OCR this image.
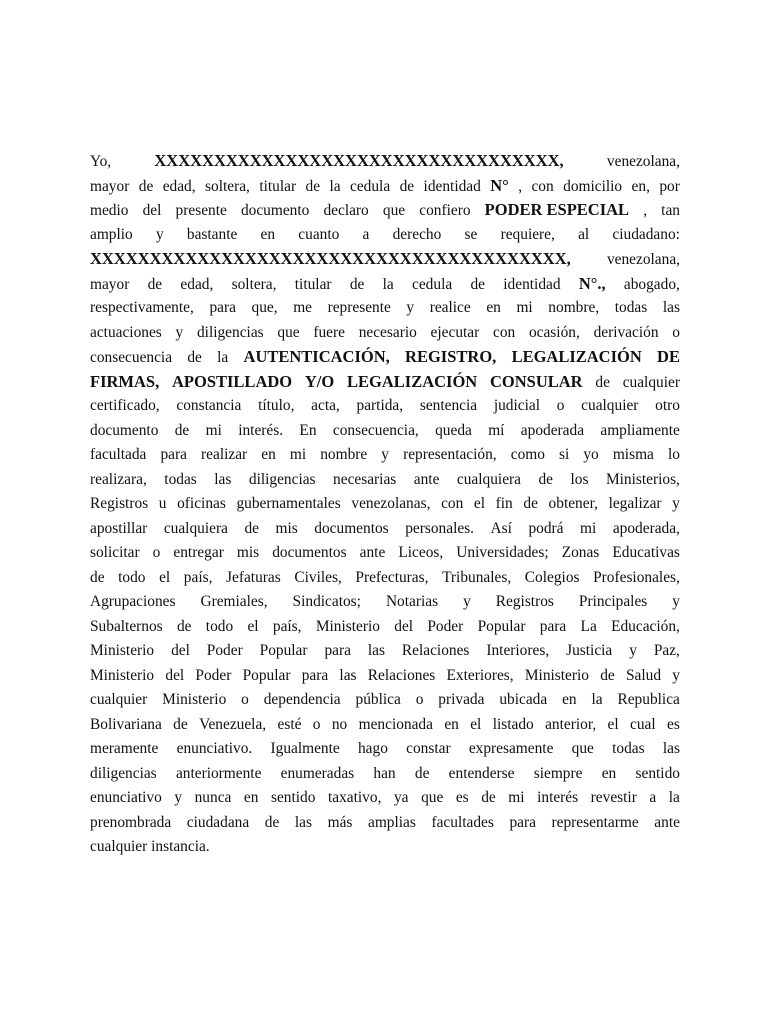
Yo,	XXXXXXXXXXXXXXXXXXXXXXXXXXXXXXXXXX,	venezolana,
mayor de edad, soltera, titular de la cedula de identidad N° , con domicilio en, por
medio del presente documento declaro que confiero PODER ESPECIAL , tan
amplio y bastante en cuanto a derecho se requiere, al ciudadano:
XXXXXXXXXXXXXXXXXXXXXXXXXXXXXXXXXXXXXXXX, venezolana,
mayor de edad, soltera, titular de la cedula de identidad N°., abogado,
respectivamente, para que, me represente y realice en mi nombre, todas las
actuaciones y diligencias que fuere necesario ejecutar con ocasión, derivación o
consecuencia de la AUTENTICACIÓN, REGISTRO, LEGALIZACIÓN DE
FIRMAS, APOSTILLADO Y/O LEGALIZACIÓN CONSULAR de cualquier
certificado, constancia título, acta, partida, sentencia judicial o cualquier otro
documento de mi interés. En consecuencia, queda mí apoderada ampliamente
facultada para realizar en mi nombre y representación, como si yo misma lo
realizara, todas las diligencias necesarias ante cualquiera de los Ministerios,
Registros u oficinas gubernamentales venezolanas, con el fin de obtener, legalizar y
apostillar cualquiera de mis documentos personales. Así podrá mi apoderada,
solicitar o entregar mis documentos ante Liceos, Universidades; Zonas Educativas
de todo el país, Jefaturas Civiles, Prefecturas, Tribunales, Colegios Profesionales,
Agrupaciones Gremiales, Sindicatos; Notarias y Registros Principales y
Subalternos de todo el país, Ministerio del Poder Popular para La Educación,
Ministerio del Poder Popular para las Relaciones Interiores, Justicia y Paz,
Ministerio del Poder Popular para las Relaciones Exteriores, Ministerio de Salud y
cualquier Ministerio o dependencia pública o privada ubicada en la Republica
Bolivariana de Venezuela, esté o no mencionada en el listado anterior, el cual es
meramente enunciativo. Igualmente hago constar expresamente que todas las
diligencias anteriormente enumeradas han de entenderse siempre en sentido
enunciativo y nunca en sentido taxativo, ya que es de mi interés revestir a la
prenombrada ciudadana de las más amplias facultades para representarme ante
cualquier instancia.
